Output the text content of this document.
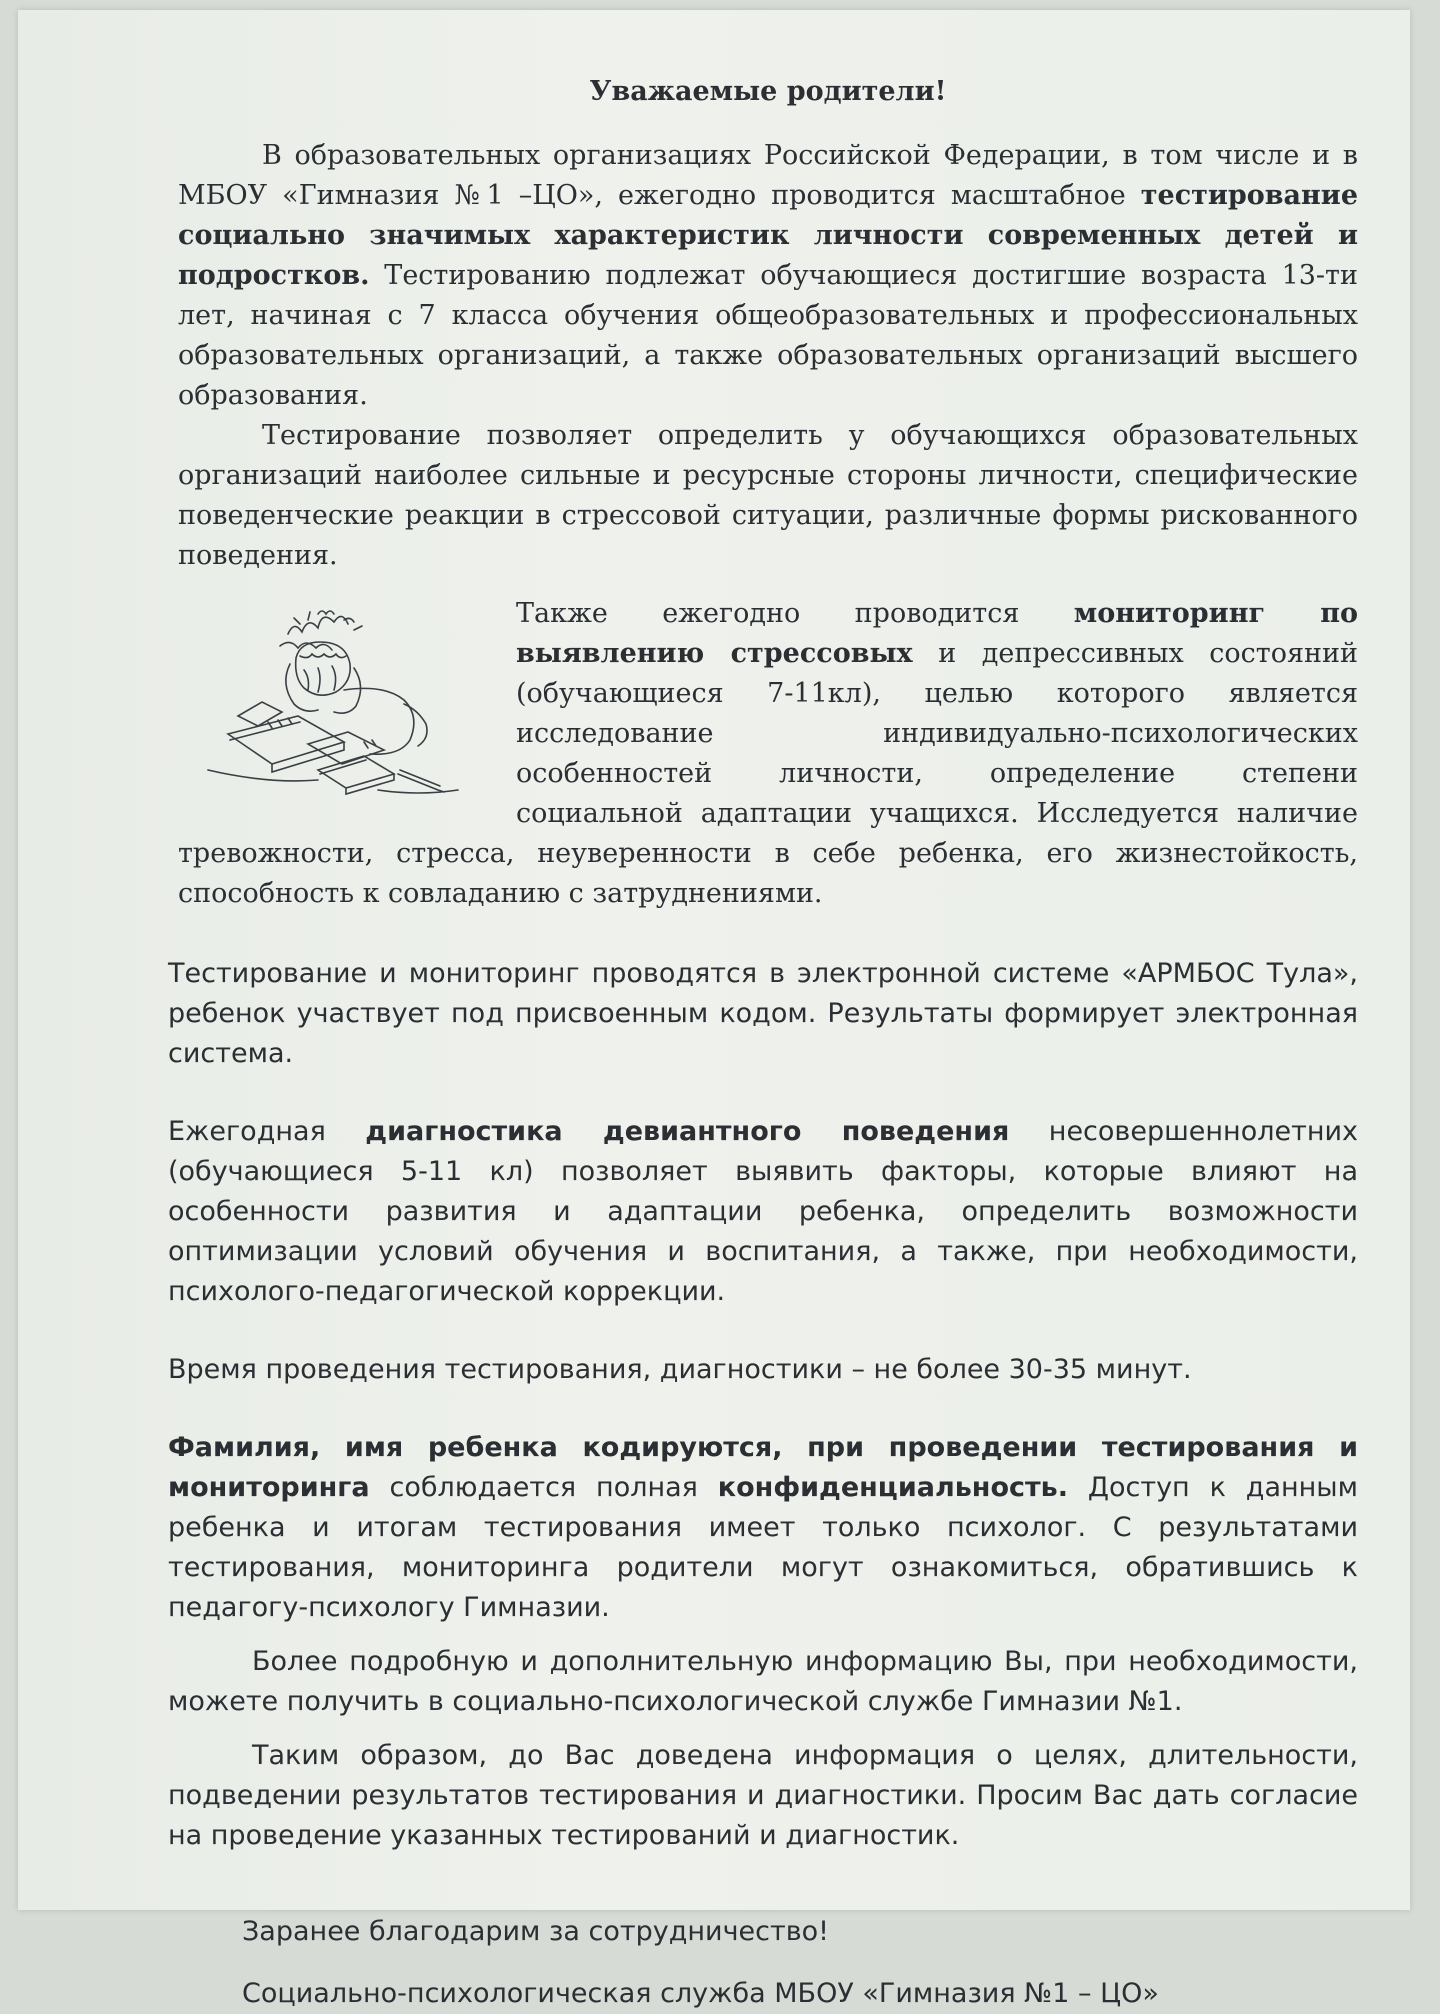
Уважаемые родители!

В образовательных организациях Российской Федерации, в том числе и в МБОУ «Гимназия №1 –ЦО», ежегодно проводится масштабное тестирование социально значимых характеристик личности современных детей и подростков. Тестированию подлежат обучающиеся достигшие возраста 13-ти лет, начиная с 7 класса обучения общеобразовательных и профессиональных образовательных организаций, а также образовательных организаций высшего образования.

Тестирование позволяет определить у обучающихся образовательных организаций наиболее сильные и ресурсные стороны личности, специфические поведенческие реакции в стрессовой ситуации, различные формы рискованного поведения.

Также ежегодно проводится мониторинг по выявлению стрессовых и депрессивных состояний (обучающиеся 7-11кл), целью которого является исследование индивидуально-психологических особенностей личности, определение степени социальной адаптации учащихся. Исследуется наличие тревожности, стресса, неуверенности в себе ребенка, его жизнестойкость, способность к совладанию с затруднениями.

Тестирование и мониторинг проводятся в электронной системе «АРМБОС Тула», ребенок участвует под присвоенным кодом. Результаты формирует электронная система.

Ежегодная диагностика девиантного поведения несовершеннолетних (обучающиеся 5-11 кл) позволяет выявить факторы, которые влияют на особенности развития и адаптации ребенка, определить возможности оптимизации условий обучения и воспитания, а также, при необходимости, психолого-педагогической коррекции.

Время проведения тестирования, диагностики – не более 30-35 минут.

Фамилия, имя ребенка кодируются, при проведении тестирования и мониторинга соблюдается полная конфиденциальность. Доступ к данным ребенка и итогам тестирования имеет только психолог. С результатами тестирования, мониторинга родители могут ознакомиться, обратившись к педагогу-психологу Гимназии.

Более подробную и дополнительную информацию Вы, при необходимости, можете получить в социально-психологической службе Гимназии №1.

Таким образом, до Вас доведена информация о целях, длительности, подведении результатов тестирования и диагностики. Просим Вас дать согласие на проведение указанных тестирований и диагностик.

Заранее благодарим за сотрудничество!

Социально-психологическая служба МБОУ «Гимназия №1 – ЦО»
